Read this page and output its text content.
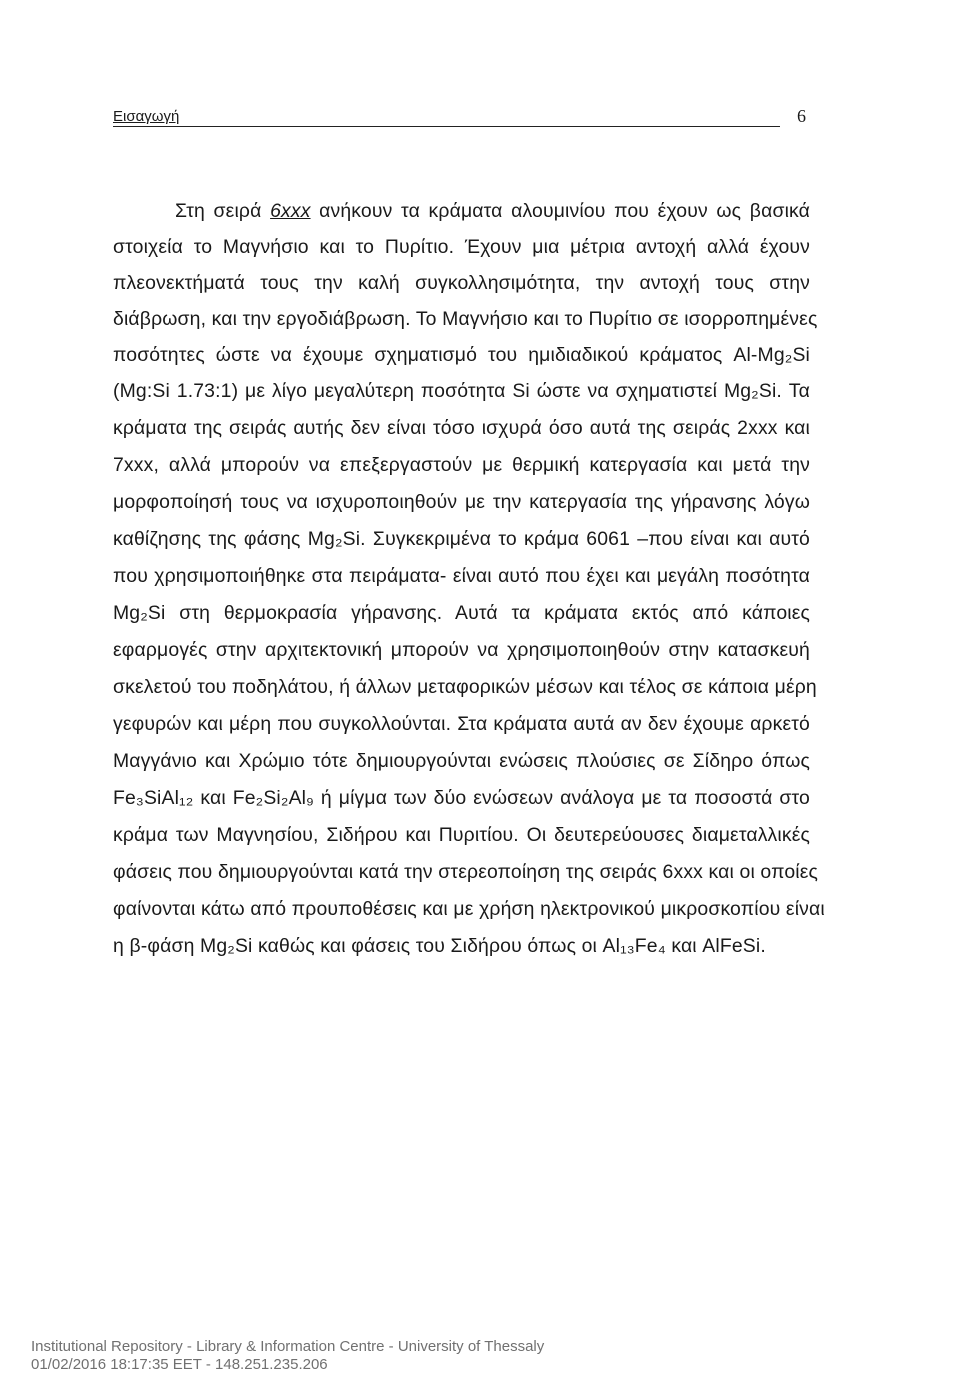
Εισαγωγή	6
Στη σειρά 6xxx ανήκουν τα κράματα αλουμινίου που έχουν ως βασικά
στοιχεία το Μαγνήσιο και το Πυρίτιο. Έχουν μια μέτρια αντοχή αλλά έχουν
πλεονεκτήματά τους την καλή συγκολλησιμότητα, την αντοχή τους στην
διάβρωση, και την εργοδιάβρωση. Το Μαγνήσιο και το Πυρίτιο σε ισορροπημένες
ποσότητες ώστε να έχουμε σχηματισμό του ημιδιαδικού κράματος Al-Mg₂Si
(Mg:Si 1.73:1) με λίγο μεγαλύτερη ποσότητα Si ώστε να σχηματιστεί Mg₂Si. Τα
κράματα της σειράς αυτής δεν είναι τόσο ισχυρά όσο αυτά της σειράς 2xxx και
7xxx, αλλά μπορούν να επεξεργαστούν με θερμική κατεργασία και μετά την
μορφοποίησή τους να ισχυροποιηθούν με την κατεργασία της γήρανσης λόγω
καθίζησης της φάσης Mg₂Si. Συγκεκριμένα το κράμα 6061 –που είναι και αυτό
που χρησιμοποιήθηκε στα πειράματα- είναι αυτό που έχει και μεγάλη ποσότητα
Mg₂Si στη θερμοκρασία γήρανσης. Αυτά τα κράματα εκτός από κάποιες
εφαρμογές στην αρχιτεκτονική μπορούν να χρησιμοποιηθούν στην κατασκευή
σκελετού του ποδηλάτου, ή άλλων μεταφορικών μέσων και τέλος σε κάποια μέρη
γεφυρών και μέρη που συγκολλούνται. Στα κράματα αυτά αν δεν έχουμε αρκετό
Μαγγάνιο και Χρώμιο τότε δημιουργούνται ενώσεις πλούσιες σε Σίδηρο όπως
Fe₃SiAl₁₂ και Fe₂Si₂Al₉ ή μίγμα των δύο ενώσεων ανάλογα με τα ποσοστά στο
κράμα των Μαγνησίου, Σιδήρου και Πυριτίου. Οι δευτερεύουσες διαμεταλλικές
φάσεις που δημιουργούνται κατά την στερεοποίηση της σειράς 6xxx και οι οποίες
φαίνονται κάτω από προυποθέσεις και με χρήση ηλεκτρονικού μικροσκοπίου είναι
η β-φάση Mg₂Si καθώς και φάσεις του Σιδήρου όπως οι Al₁₃Fe₄ και AlFeSi.
Institutional Repository - Library & Information Centre - University of Thessaly
01/02/2016 18:17:35 EET - 148.251.235.206
